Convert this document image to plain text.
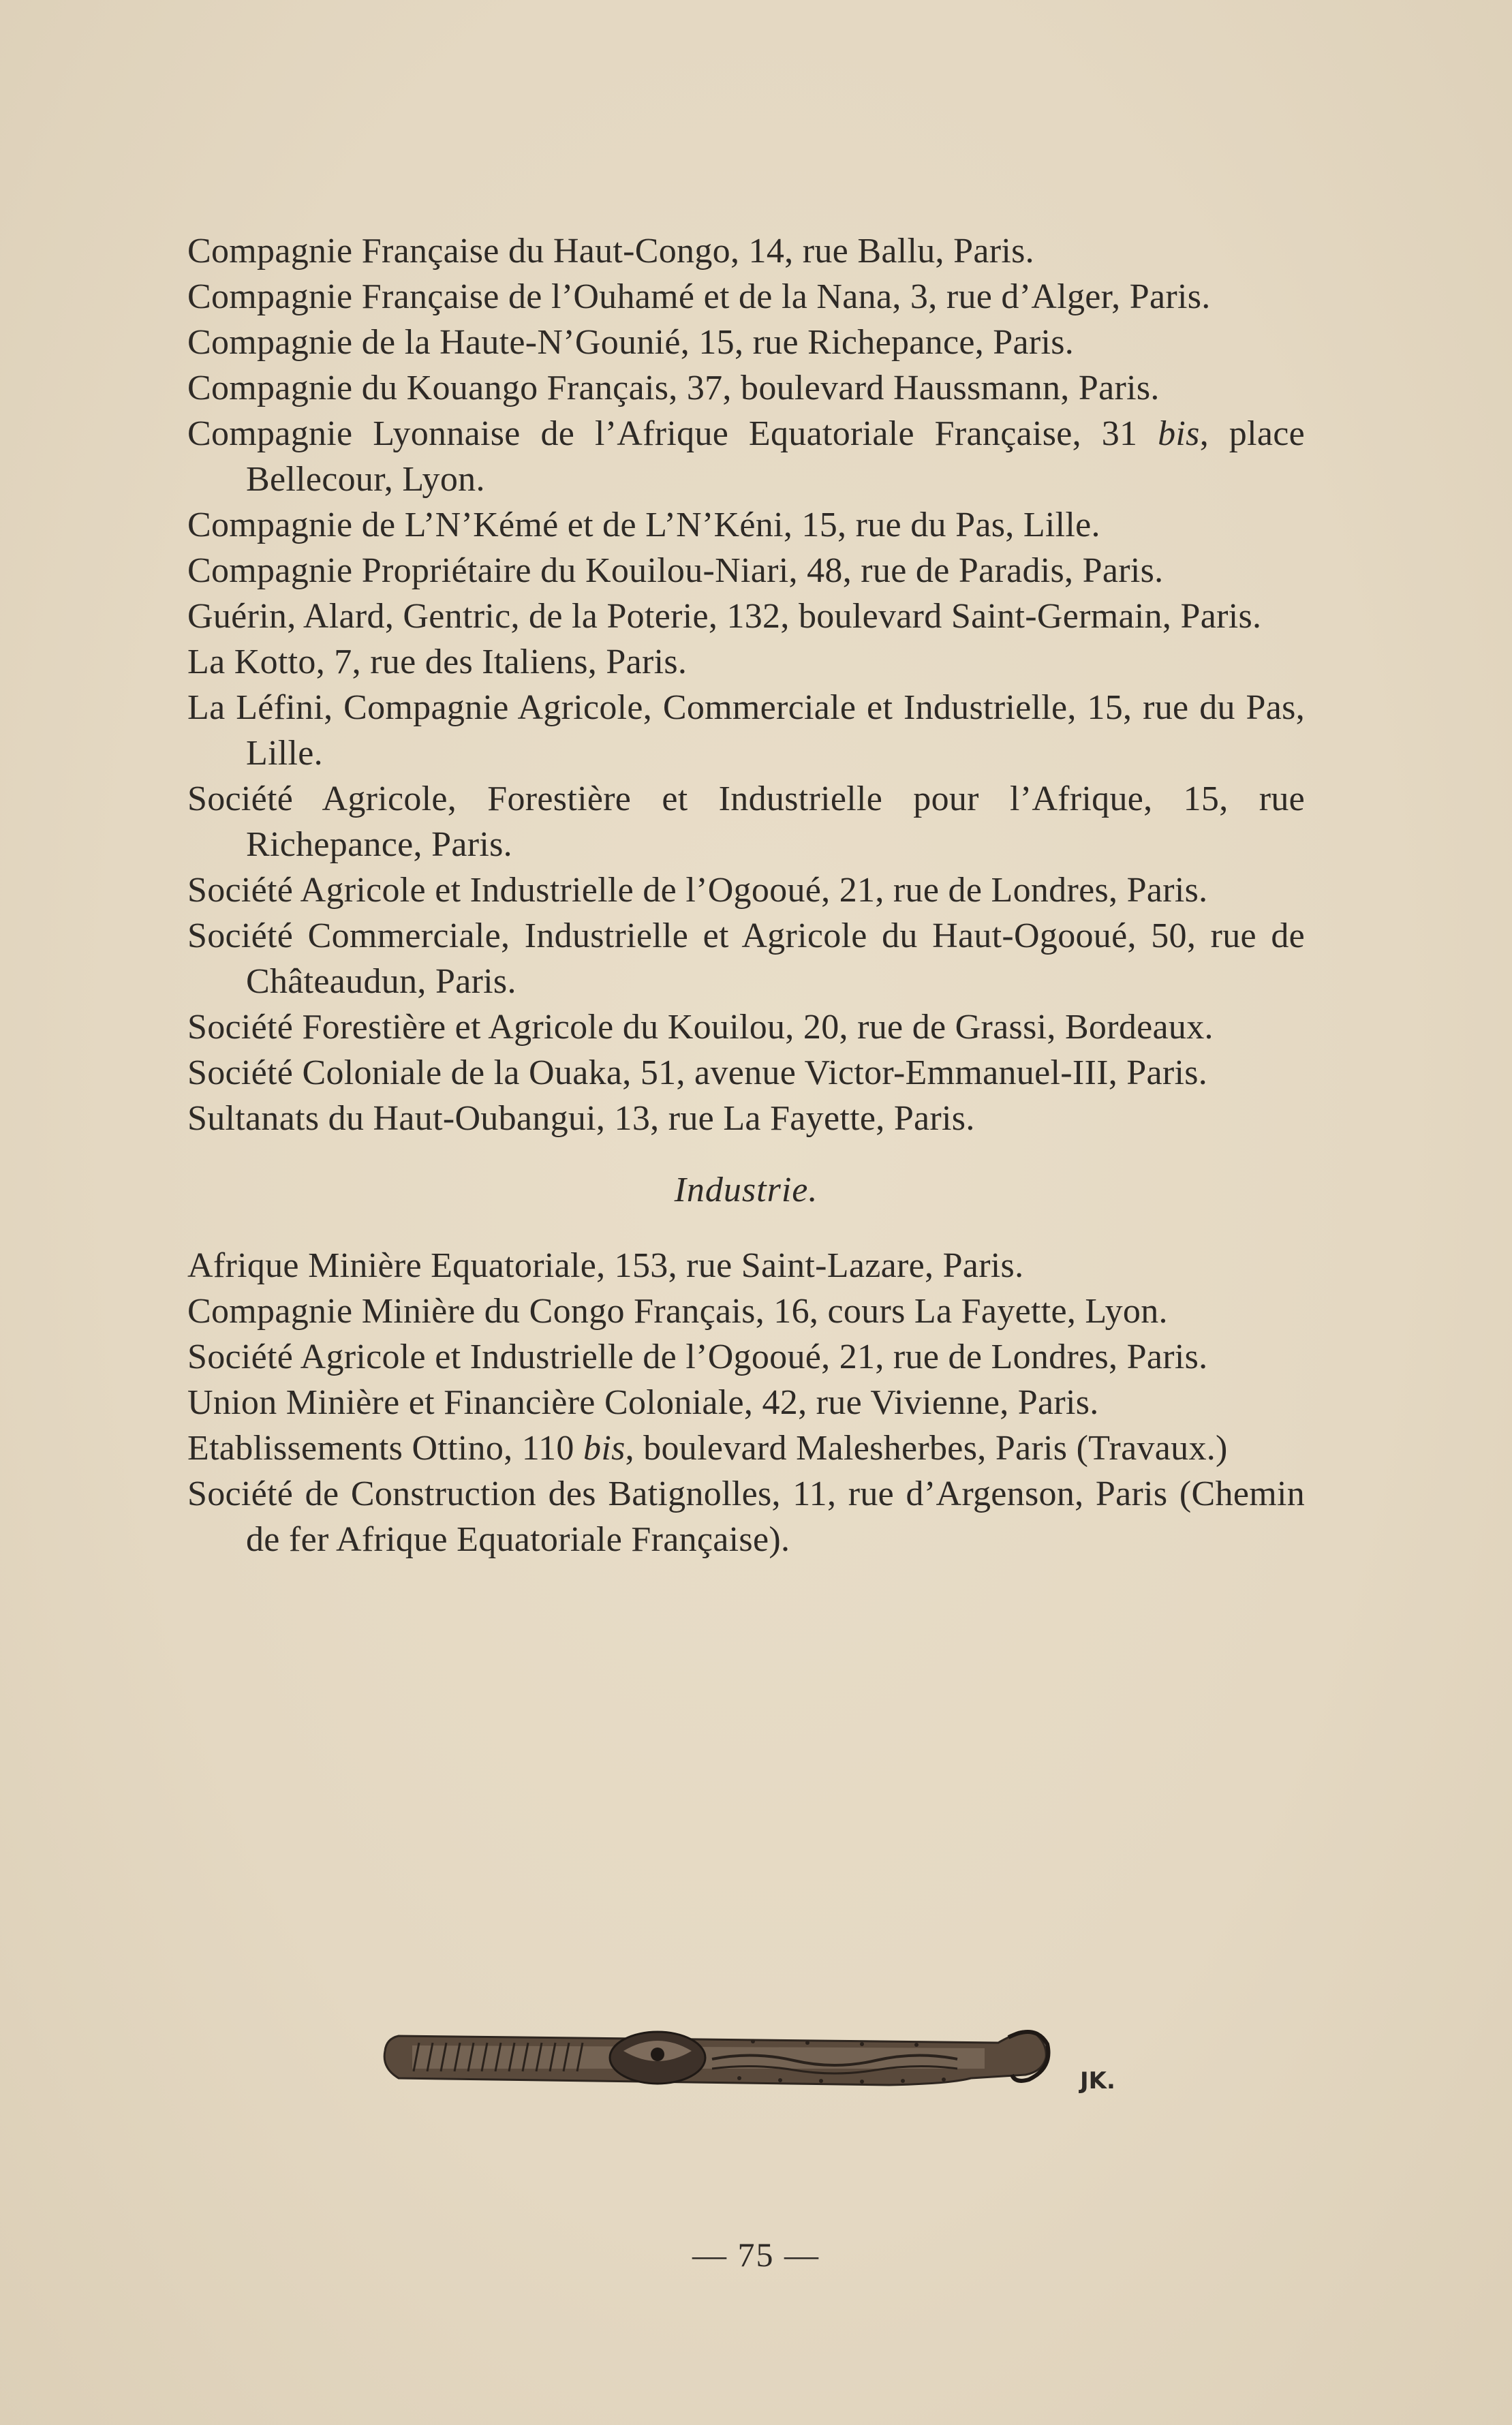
Compagnie Française du Haut-Congo, 14, rue Ballu, Paris.

Compagnie Française de l’Ouhamé et de la Nana, 3, rue d’Alger, Paris.

Compagnie de la Haute-N’Gounié, 15, rue Richepance, Paris.

Compagnie du Kouango Français, 37, boulevard Haussmann, Paris.

Compagnie Lyonnaise de l’Afrique Equatoriale Française, 31 bis, place Bellecour, Lyon.

Compagnie de L’N’Kémé et de L’N’Kéni, 15, rue du Pas, Lille.

Compagnie Propriétaire du Kouilou-Niari, 48, rue de Paradis, Paris.

Guérin, Alard, Gentric, de la Poterie, 132, boulevard Saint-Germain, Paris.

La Kotto, 7, rue des Italiens, Paris.

La Léfini, Compagnie Agricole, Commerciale et Industrielle, 15, rue du Pas, Lille.

Société Agricole, Forestière et Industrielle pour l’Afrique, 15, rue Richepance, Paris.

Société Agricole et Industrielle de l’Ogooué, 21, rue de Londres, Paris.

Société Commerciale, Industrielle et Agricole du Haut-Ogooué, 50, rue de Châteaudun, Paris.

Société Forestière et Agricole du Kouilou, 20, rue de Grassi, Bordeaux.

Société Coloniale de la Ouaka, 51, avenue Victor-Emmanuel-III, Paris.

Sultanats du Haut-Oubangui, 13, rue La Fayette, Paris.

Industrie.

Afrique Minière Equatoriale, 153, rue Saint-Lazare, Paris.

Compagnie Minière du Congo Français, 16, cours La Fayette, Lyon.

Société Agricole et Industrielle de l’Ogooué, 21, rue de Londres, Paris.

Union Minière et Financière Coloniale, 42, rue Vivienne, Paris.

Etablissements Ottino, 110 bis, boulevard Malesherbes, Paris (Travaux.)

Société de Construction des Batignolles, 11, rue d’Argenson, Paris (Chemin de fer Afrique Equatoriale Française).

JK.
— 75 —
